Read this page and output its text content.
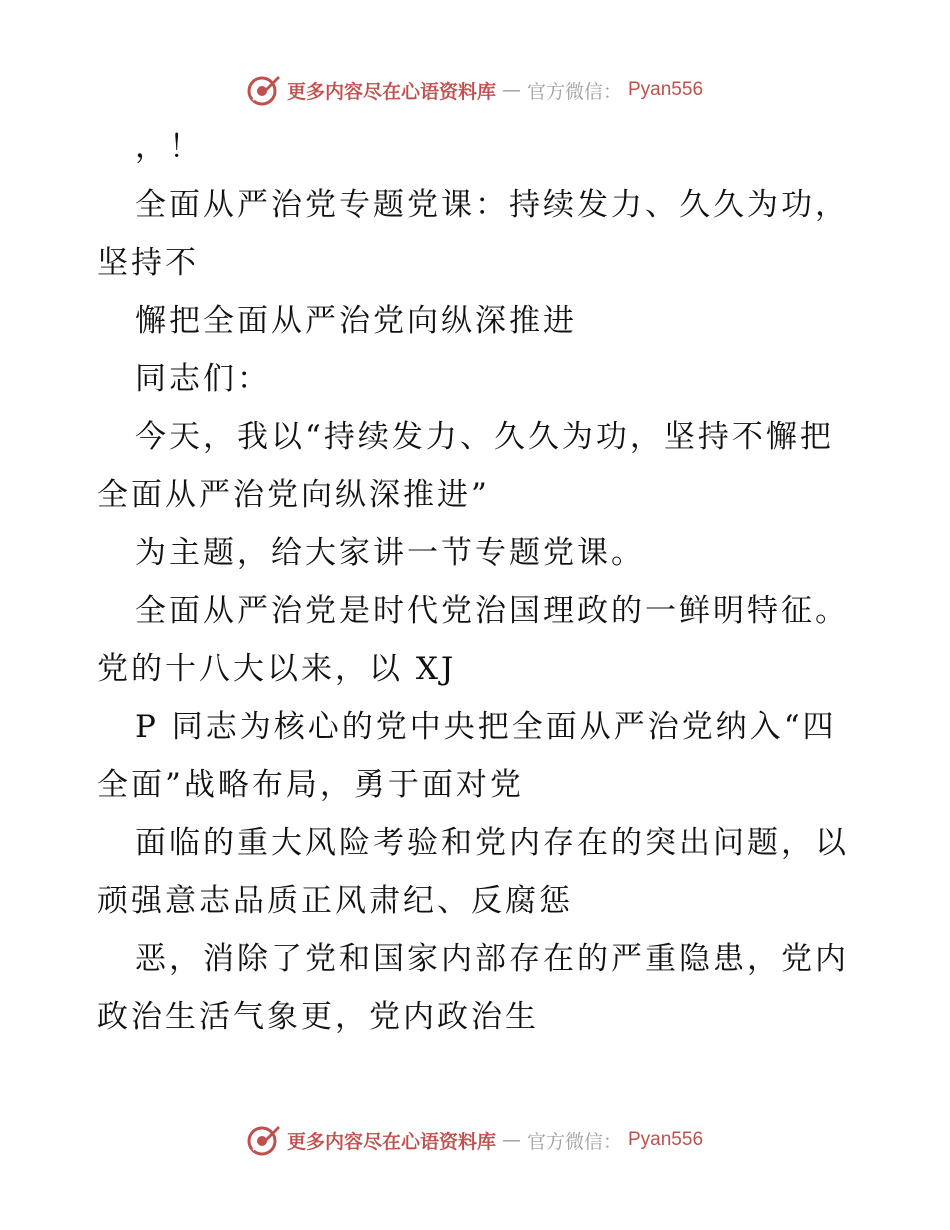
更多内容尽在心语资料库 — 官方微信： Pyan556

，！

全面从严治党专题党课：持续发力、久久为功，坚持不

懈把全面从严治党向纵深推进

同志们：

今天，我以“持续发力、久久为功，坚持不懈把全面从严治党向纵深推进”

为主题，给大家讲一节专题党课。

全面从严治党是时代党治国理政的一鲜明特征。党的十八大以来，以 XJ

P 同志为核心的党中央把全面从严治党纳入“四全面”战略布局，勇于面对党

面临的重大风险考验和党内存在的突出问题，以顽强意志品质正风肃纪、反腐惩

恶，消除了党和国家内部存在的严重隐患，党内政治生活气象更，党内政治生

更多内容尽在心语资料库 — 官方微信： Pyan556
